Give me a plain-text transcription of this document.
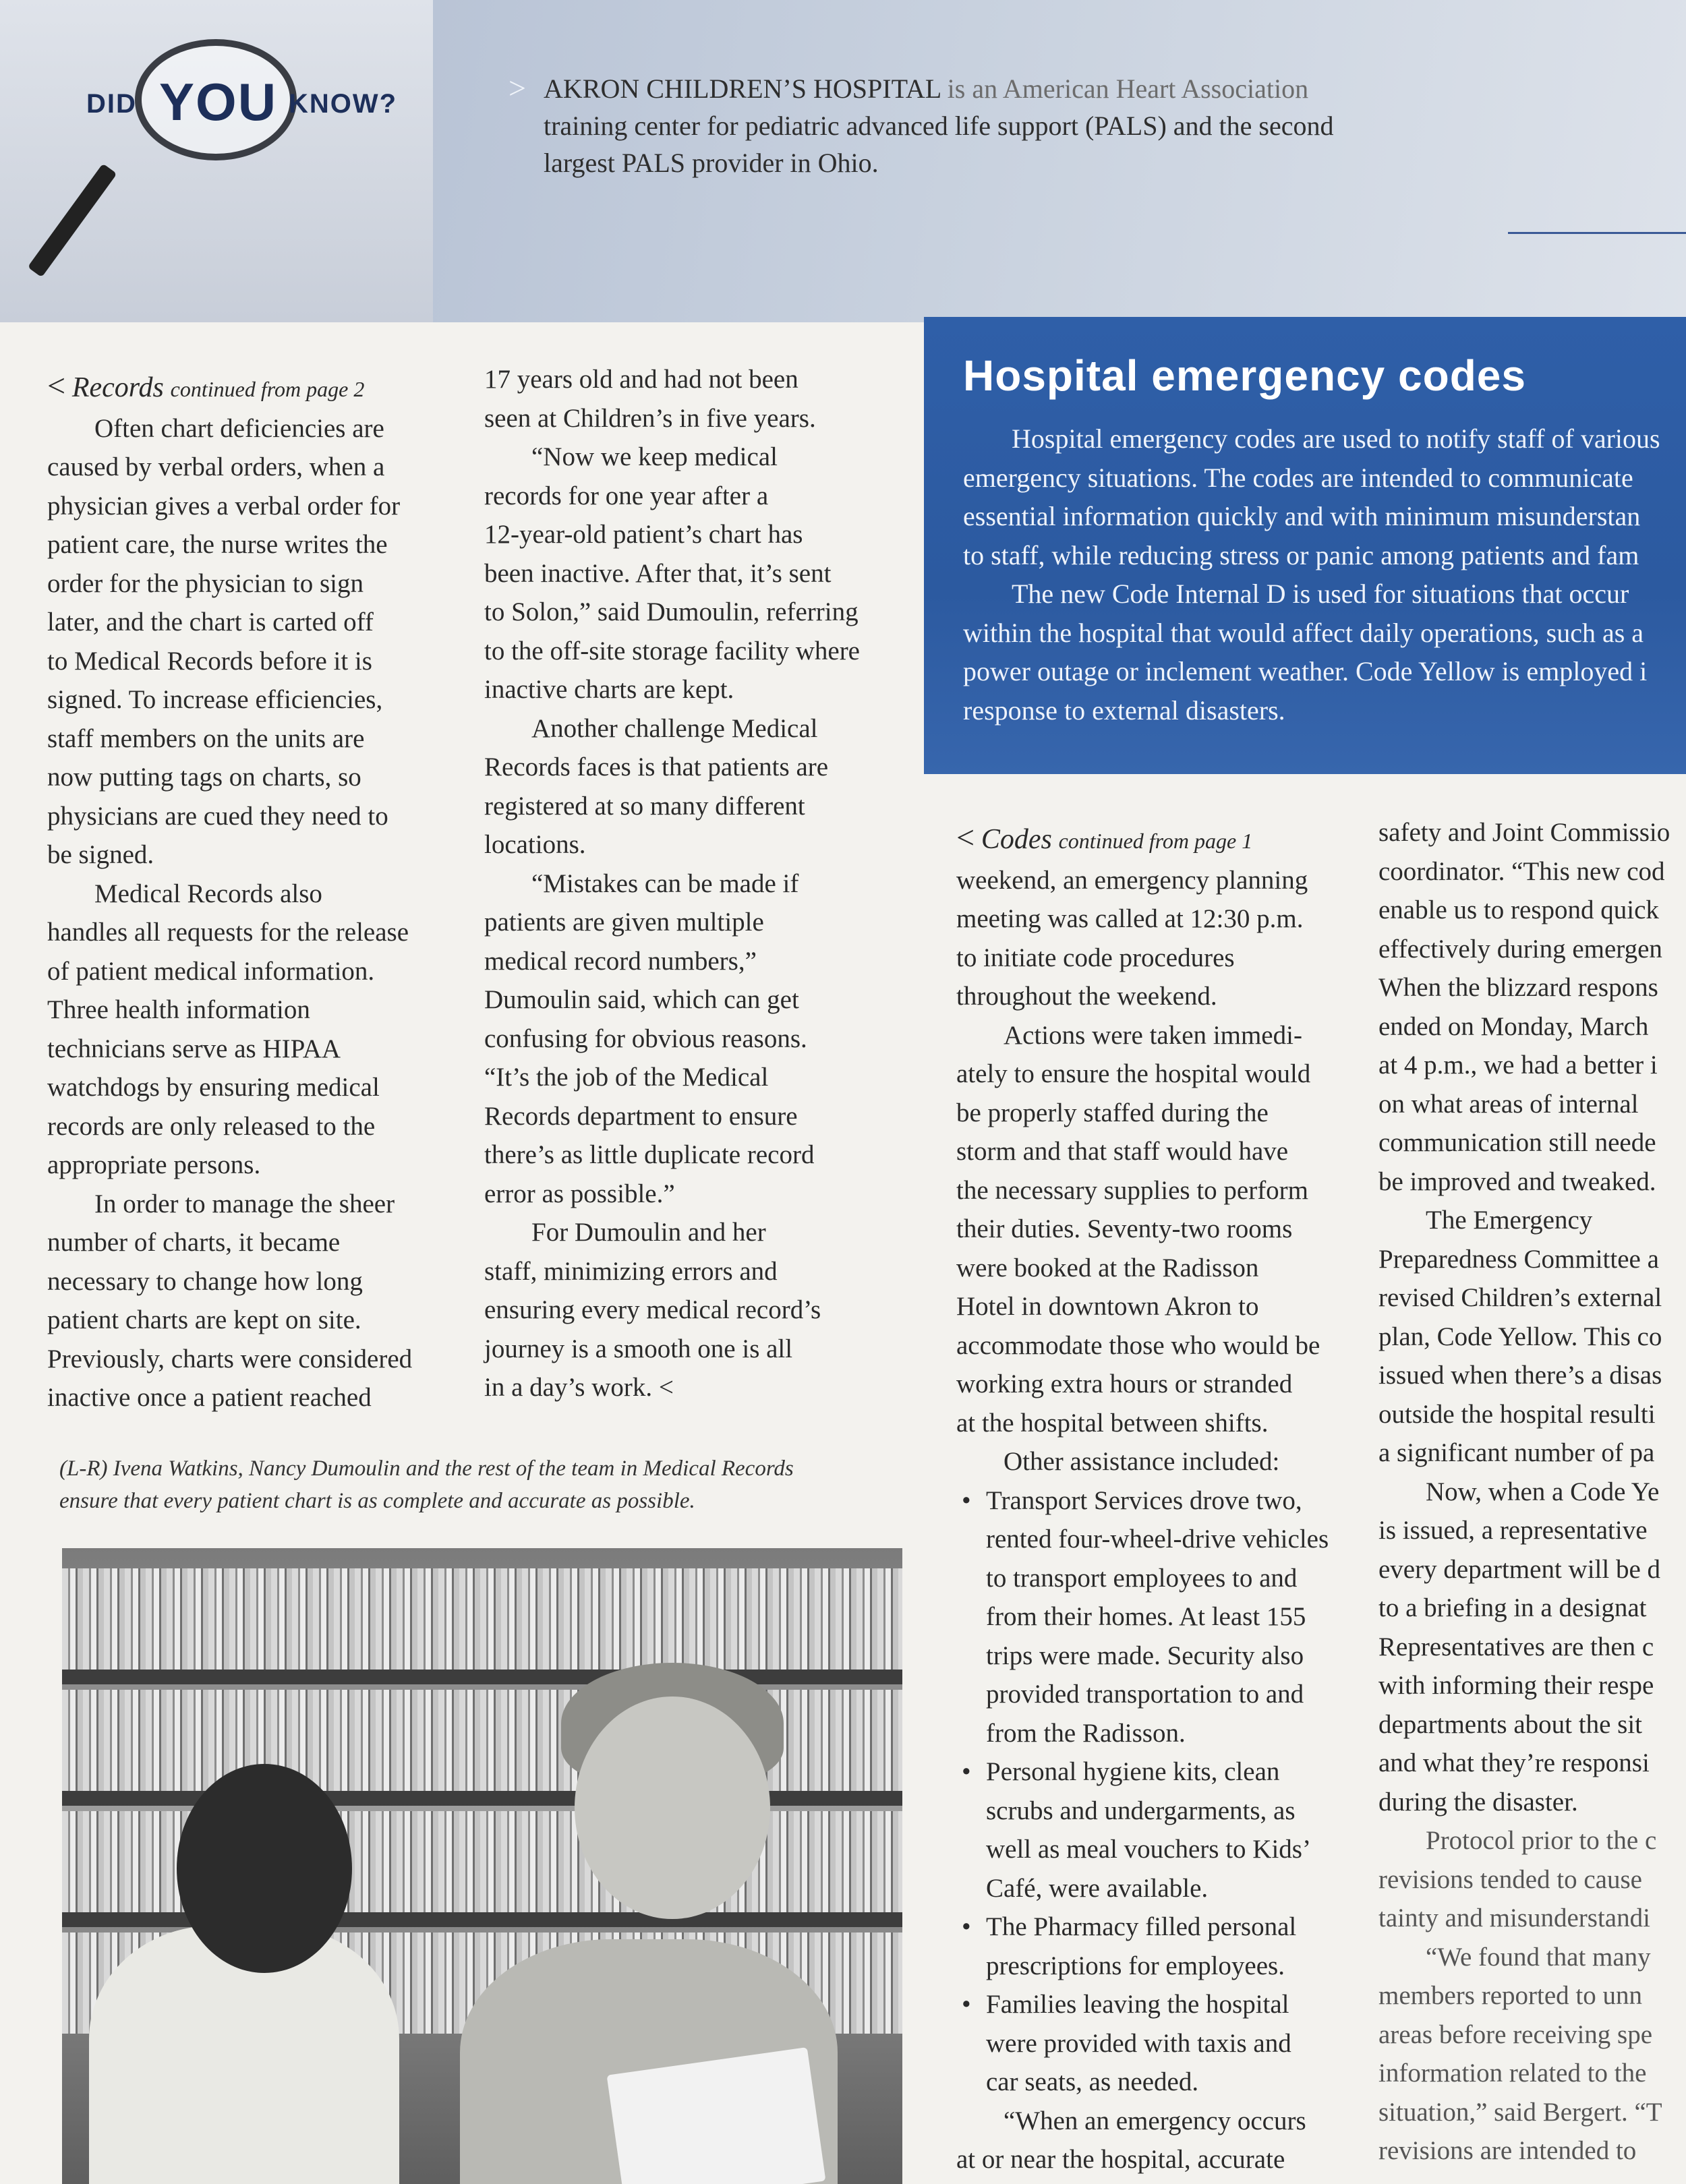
DID YOU KNOW?	> AKRON CHILDREN’S HOSPITAL is an American Heart Association
training center for pediatric advanced life support (PALS) and the second
largest PALS provider in Ohio.

< Records continued from page 2

Often chart deficiencies are

caused by verbal orders, when a

physician gives a verbal order for

patient care, the nurse writes the

order for the physician to sign

later, and the chart is carted off

to Medical Records before it is

signed. To increase efficiencies,

staff members on the units are

now putting tags on charts, so

physicians are cued they need to

be signed.

Medical Records also

handles all requests for the release

of patient medical information.

Three health information

technicians serve as HIPAA

watchdogs by ensuring medical

records are only released to the

appropriate persons.

In order to manage the sheer

number of charts, it became

necessary to change how long

patient charts are kept on site.

Previously, charts were considered

inactive once a patient reached

17 years old and had not been

seen at Children’s in five years.

“Now we keep medical

records for one year after a

12-year-old patient’s chart has

been inactive. After that, it’s sent

to Solon,” said Dumoulin, referring

to the off-site storage facility where

inactive charts are kept.

Another challenge Medical

Records faces is that patients are

registered at so many different

locations.

“Mistakes can be made if

patients are given multiple

medical record numbers,”

Dumoulin said, which can get

confusing for obvious reasons.

“It’s the job of the Medical

Records department to ensure

there’s as little duplicate record

error as possible.”

For Dumoulin and her

staff, minimizing errors and

ensuring every medical record’s

journey is a smooth one is all

in a day’s work. <

(L-R) Ivena Watkins, Nancy Dumoulin and the rest of the team in Medical Records
ensure that every patient chart is as complete and accurate as possible.
Hospital emergency codes

Hospital emergency codes are used to notify staff of various

emergency situations. The codes are intended to communicate

essential information quickly and with minimum misunderstan

to staff, while reducing stress or panic among patients and fam

The new Code Internal D is used for situations that occur

within the hospital that would affect daily operations, such as a

power outage or inclement weather. Code Yellow is employed i

response to external disasters.

< Codes continued from page 1

weekend, an emergency planning

meeting was called at 12:30 p.m.

to initiate code procedures

throughout the weekend.

Actions were taken immedi-

ately to ensure the hospital would

be properly staffed during the

storm and that staff would have

the necessary supplies to perform

their duties. Seventy-two rooms

were booked at the Radisson

Hotel in downtown Akron to

accommodate those who would be

working extra hours or stranded

at the hospital between shifts.

Other assistance included:

• Transport Services drove two,
rented four-wheel-drive vehicles
to transport employees to and
from their homes. At least 155
trips were made. Security also
provided transportation to and
from the Radisson.
• Personal hygiene kits, clean
scrubs and undergarments, as
well as meal vouchers to Kids’
Café, were available.
• The Pharmacy filled personal
prescriptions for employees.
• Families leaving the hospital
were provided with taxis and
car seats, as needed.

“When an emergency occurs

at or near the hospital, accurate

safety and Joint Commissio

coordinator. “This new cod

enable us to respond quick

effectively during emergen

When the blizzard respons

ended on Monday, March

at 4 p.m., we had a better i

on what areas of internal

communication still neede

be improved and tweaked.

The Emergency

Preparedness Committee a

revised Children’s external

plan, Code Yellow. This co

issued when there’s a disas

outside the hospital resulti

a significant number of pa

Now, when a Code Ye

is issued, a representative

every department will be d

to a briefing in a designat

Representatives are then c

with informing their respe

departments about the sit

and what they’re responsi

during the disaster.

Protocol prior to the c

revisions tended to cause

tainty and misunderstandi

“We found that many

members reported to unn

areas before receiving spe

information related to the

situation,” said Bergert. “T

revisions are intended to
